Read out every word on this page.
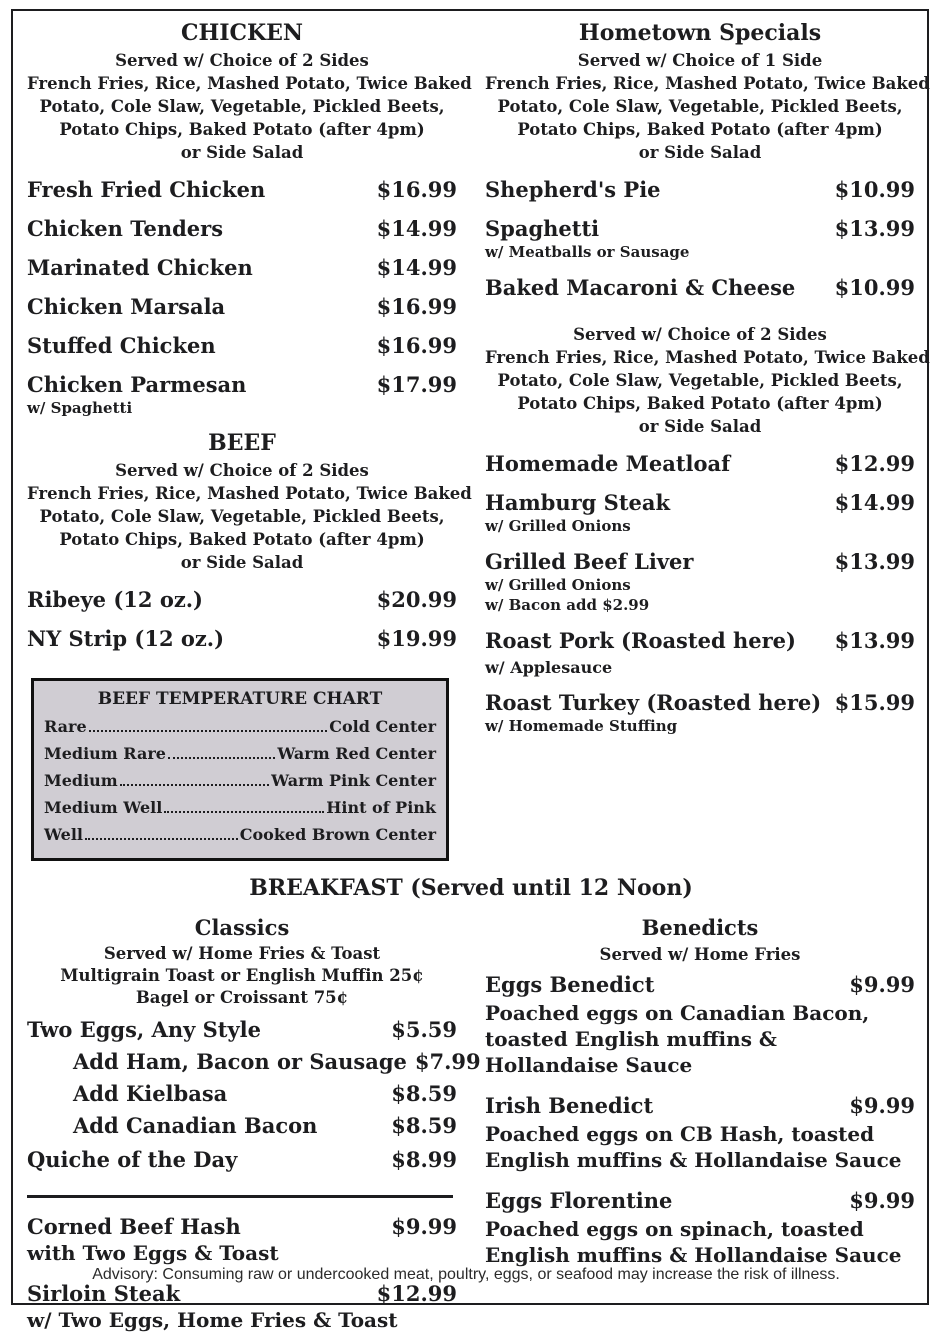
CHICKEN
Served w/ Choice of 2 Sides
French Fries, Rice, Mashed Potato, Twice Baked
Potato, Cole Slaw, Vegetable, Pickled Beets,
Potato Chips, Baked Potato (after 4pm)
or Side Salad
Fresh Fried Chicken	$16.99
Chicken Tenders	$14.99
Marinated Chicken	$14.99
Chicken Marsala	$16.99
Stuffed Chicken	$16.99
Chicken Parmesan	$17.99
w/ Spaghetti
BEEF
Served w/ Choice of 2 Sides
French Fries, Rice, Mashed Potato, Twice Baked
Potato, Cole Slaw, Vegetable, Pickled Beets,
Potato Chips, Baked Potato (after 4pm)
or Side Salad
Ribeye (12 oz.)	$20.99
NY Strip (12 oz.)	$19.99
BEEF TEMPERATURE CHART
Rare	Cold Center
Medium Rare	Warm Red Center
Medium	Warm Pink Center
Medium Well	Hint of Pink
Well	Cooked Brown Center
Hometown Specials
Served w/ Choice of 1 Side
French Fries, Rice, Mashed Potato, Twice Baked
Potato, Cole Slaw, Vegetable, Pickled Beets,
Potato Chips, Baked Potato (after 4pm)
or Side Salad
Shepherd's Pie	$10.99
Spaghetti	$13.99
w/ Meatballs or Sausage
Baked Macaroni & Cheese	$10.99
Served w/ Choice of 2 Sides
French Fries, Rice, Mashed Potato, Twice Baked
Potato, Cole Slaw, Vegetable, Pickled Beets,
Potato Chips, Baked Potato (after 4pm)
or Side Salad
Homemade Meatloaf	$12.99
Hamburg Steak	$14.99
w/ Grilled Onions
Grilled Beef Liver	$13.99
w/ Grilled Onions
w/ Bacon add $2.99
Roast Pork (Roasted here)	$13.99
w/ Applesauce
Roast Turkey (Roasted here) $15.99
w/ Homemade Stuffing
BREAKFAST (Served until 12 Noon)
Classics
Served w/ Home Fries & Toast
Multigrain Toast or English Muffin 25¢
Bagel or Croissant 75¢
Two Eggs, Any Style	$5.59
Add Ham, Bacon or Sausage $7.99
Add Kielbasa	$8.59
Add Canadian Bacon	$8.59
Quiche of the Day	$8.99
Corned Beef Hash	$9.99
with Two Eggs & Toast
Sirloin Steak	$12.99
w/ Two Eggs, Home Fries & Toast
Benedicts
Served w/ Home Fries
Eggs Benedict	$9.99
Poached eggs on Canadian Bacon, toasted English muffins & Hollandaise Sauce
Irish Benedict	$9.99
Poached eggs on CB Hash, toasted English muffins & Hollandaise Sauce
Eggs Florentine	$9.99
Poached eggs on spinach, toasted English muffins & Hollandaise Sauce
Advisory: Consuming raw or undercooked meat, poultry, eggs, or seafood may increase the risk of illness.
